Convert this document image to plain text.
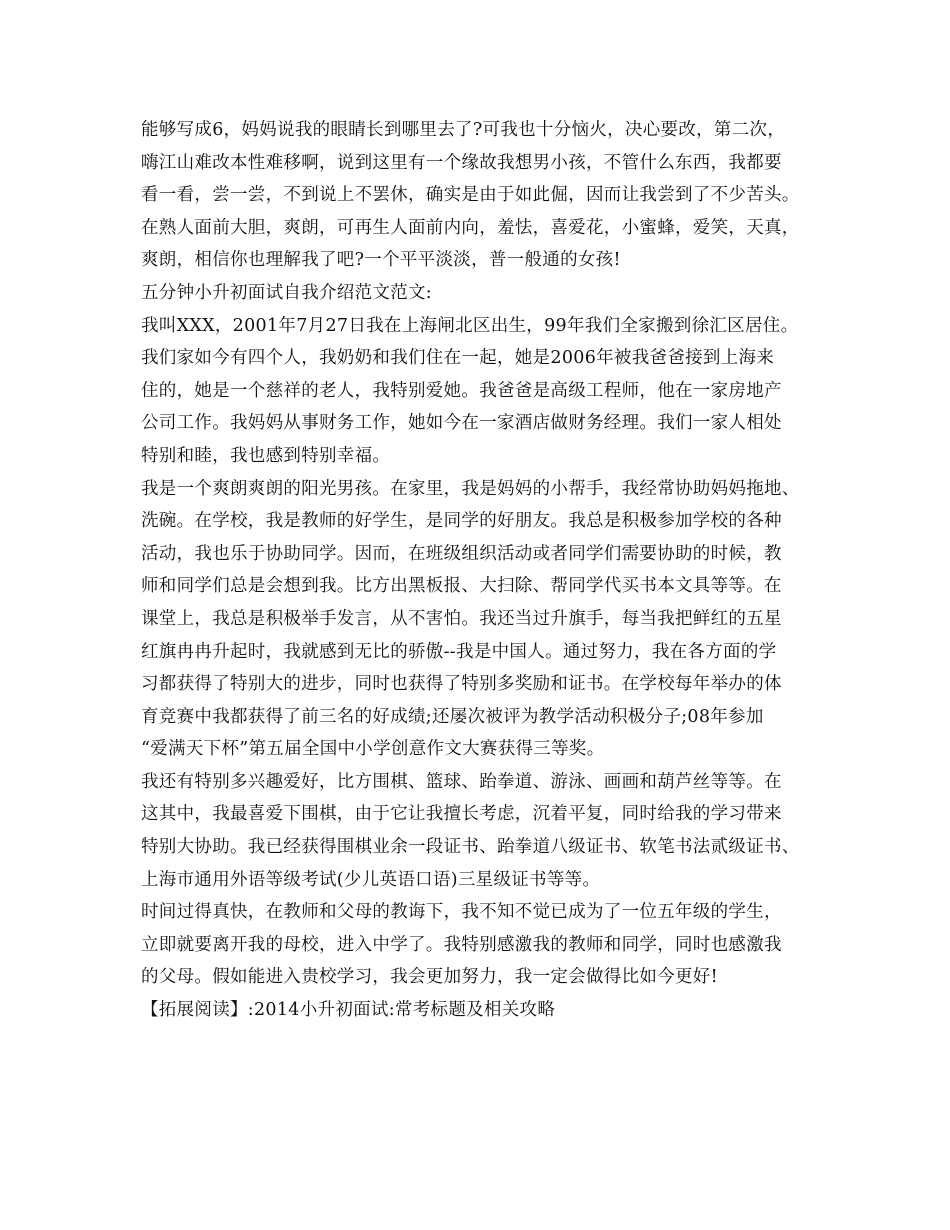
能够写成6，妈妈说我的眼睛长到哪里去了?可我也十分恼火，决心要改，第二次，
嗨江山难改本性难移啊，说到这里有一个缘故我想男小孩，不管什么东西，我都要
看一看，尝一尝，不到说上不罢休，确实是由于如此倔，因而让我尝到了不少苦头。
在熟人面前大胆，爽朗，可再生人面前内向，羞怯，喜爱花，小蜜蜂，爱笑，天真，
爽朗，相信你也理解我了吧?一个平平淡淡，普一般通的女孩!
五分钟小升初面试自我介绍范文范文:
我叫XXX，2001年7月27日我在上海闸北区出生，99年我们全家搬到徐汇区居住。
我们家如今有四个人，我奶奶和我们住在一起，她是2006年被我爸爸接到上海来
住的，她是一个慈祥的老人，我特别爱她。我爸爸是高级工程师，他在一家房地产
公司工作。我妈妈从事财务工作，她如今在一家酒店做财务经理。我们一家人相处
特别和睦，我也感到特别幸福。
我是一个爽朗爽朗的阳光男孩。在家里，我是妈妈的小帮手，我经常协助妈妈拖地、
洗碗。在学校，我是教师的好学生，是同学的好朋友。我总是积极参加学校的各种
活动，我也乐于协助同学。因而，在班级组织活动或者同学们需要协助的时候，教
师和同学们总是会想到我。比方出黑板报、大扫除、帮同学代买书本文具等等。在
课堂上，我总是积极举手发言，从不害怕。我还当过升旗手，每当我把鲜红的五星
红旗冉冉升起时，我就感到无比的骄傲--我是中国人。通过努力，我在各方面的学
习都获得了特别大的进步，同时也获得了特别多奖励和证书。在学校每年举办的体
育竞赛中我都获得了前三名的好成绩;还屡次被评为教学活动积极分子;08年参加
“爱满天下杯”第五届全国中小学创意作文大赛获得三等奖。
我还有特别多兴趣爱好，比方围棋、篮球、跆拳道、游泳、画画和葫芦丝等等。在
这其中，我最喜爱下围棋，由于它让我擅长考虑，沉着平复，同时给我的学习带来
特别大协助。我已经获得围棋业余一段证书、跆拳道八级证书、软笔书法贰级证书、
上海市通用外语等级考试(少儿英语口语)三星级证书等等。
时间过得真快，在教师和父母的教诲下，我不知不觉已成为了一位五年级的学生，
立即就要离开我的母校，进入中学了。我特别感激我的教师和同学，同时也感激我
的父母。假如能进入贵校学习，我会更加努力，我一定会做得比如今更好!
【拓展阅读】:2014小升初面试:常考标题及相关攻略
